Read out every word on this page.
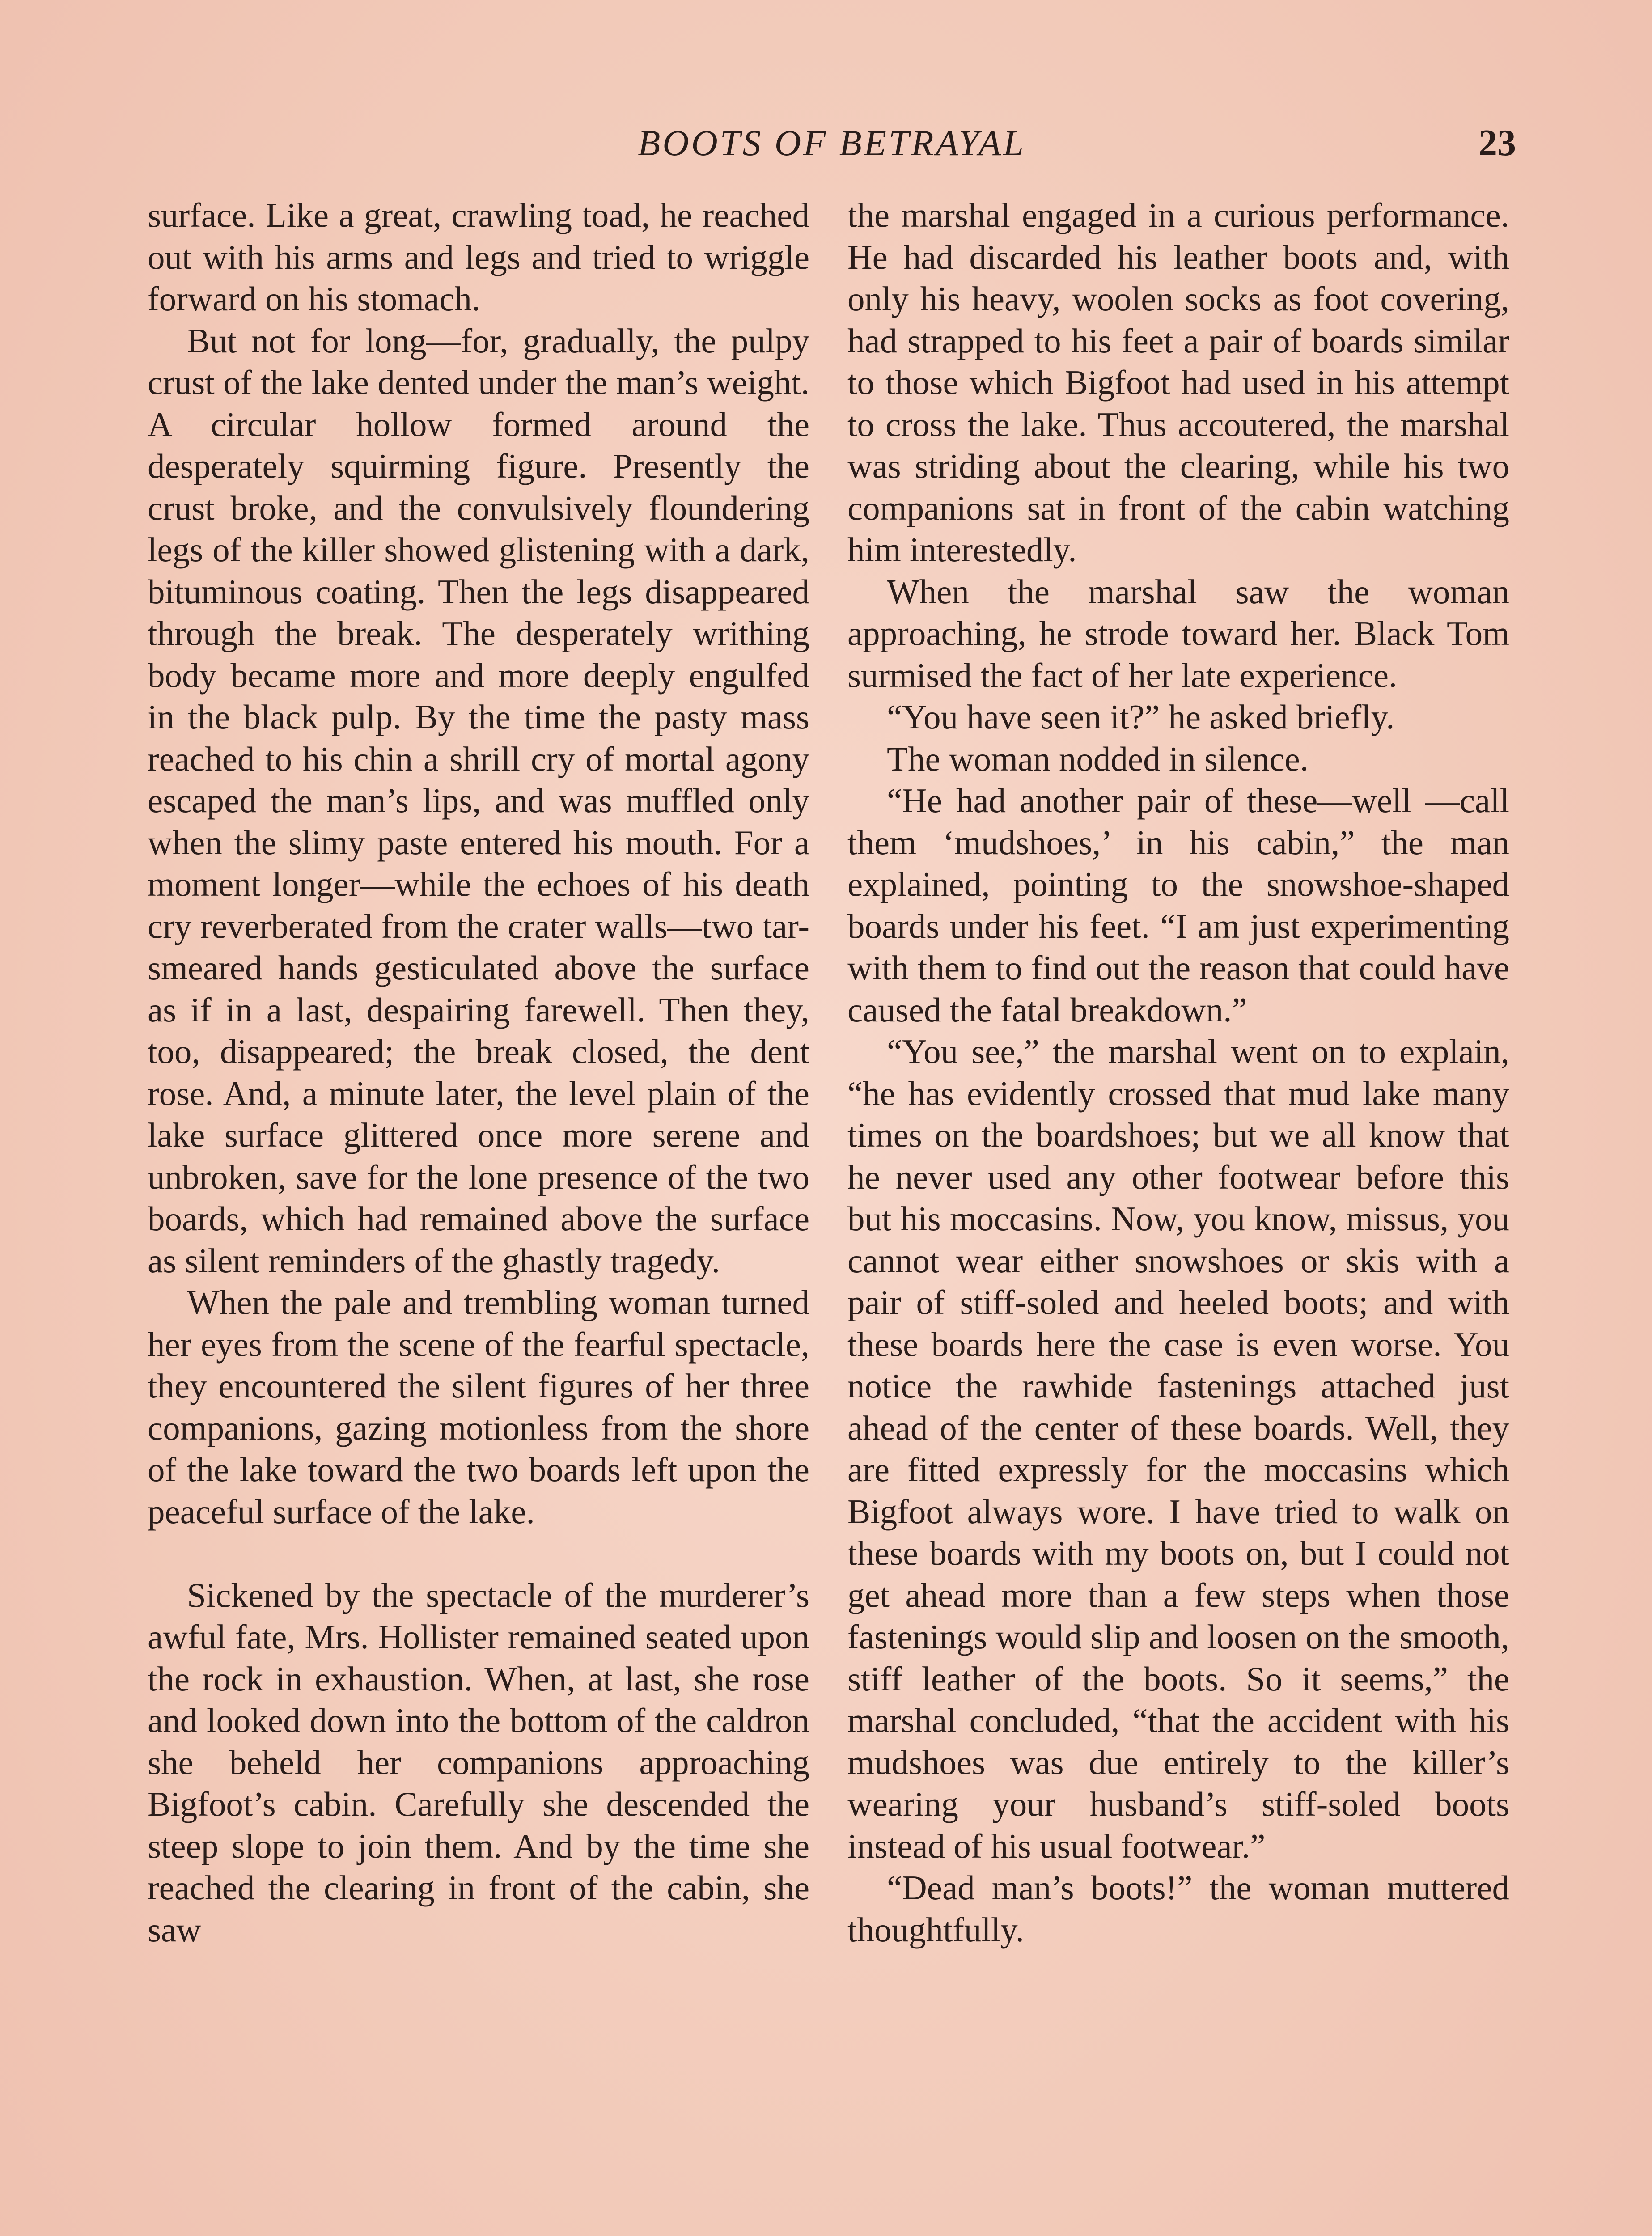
BOOTS OF BETRAYAL	23

surface. Like a great, crawling toad, he reached out with his arms and legs and tried to wriggle forward on his stomach.

But not for long—for, gradually, the pulpy crust of the lake dented under the man’s weight. A circular hollow formed around the desperately squirming figure. Presently the crust broke, and the convulsively floundering legs of the killer showed glistening with a dark, bituminous coating. Then the legs disappeared through the break. The desperately writhing body became more and more deeply engulfed in the black pulp. By the time the pasty mass reached to his chin a shrill cry of mortal agony escaped the man’s lips, and was muffled only when the slimy paste entered his mouth. For a moment longer—while the echoes of his death cry reverberated from the crater walls—two tar-smeared hands gesticulated above the surface as if in a last, despairing farewell. Then they, too, disappeared; the break closed, the dent rose. And, a minute later, the level plain of the lake surface glittered once more serene and unbroken, save for the lone presence of the two boards, which had remained above the surface as silent reminders of the ghastly tragedy.

When the pale and trembling woman turned her eyes from the scene of the fearful spectacle, they encountered the silent figures of her three companions, gazing motionless from the shore of the lake toward the two boards left upon the peaceful surface of the lake.

Sickened by the spectacle of the murderer’s awful fate, Mrs. Hollister remained seated upon the rock in exhaustion. When, at last, she rose and looked down into the bottom of the caldron she beheld her companions approaching Bigfoot’s cabin. Carefully she descended the steep slope to join them. And by the time she reached the clearing in front of the cabin, she saw

the marshal engaged in a curious performance. He had discarded his leather boots and, with only his heavy, woolen socks as foot covering, had strapped to his feet a pair of boards similar to those which Bigfoot had used in his attempt to cross the lake. Thus accoutered, the marshal was striding about the clearing, while his two companions sat in front of the cabin watching him interestedly.

When the marshal saw the woman approaching, he strode toward her. Black Tom surmised the fact of her late experience.

“You have seen it?” he asked briefly.

The woman nodded in silence.

“He had another pair of these—well —call them ‘mudshoes,’ in his cabin,” the man explained, pointing to the snowshoe-shaped boards under his feet. “I am just experimenting with them to find out the reason that could have caused the fatal breakdown.”

“You see,” the marshal went on to explain, “he has evidently crossed that mud lake many times on the boardshoes; but we all know that he never used any other footwear before this but his moccasins. Now, you know, missus, you cannot wear either snowshoes or skis with a pair of stiff-soled and heeled boots; and with these boards here the case is even worse. You notice the rawhide fastenings attached just ahead of the center of these boards. Well, they are fitted expressly for the moccasins which Bigfoot always wore. I have tried to walk on these boards with my boots on, but I could not get ahead more than a few steps when those fastenings would slip and loosen on the smooth, stiff leather of the boots. So it seems,” the marshal concluded, “that the accident with his mudshoes was due entirely to the killer’s wearing your husband’s stiff-soled boots instead of his usual footwear.”

“Dead man’s boots!” the woman muttered thoughtfully.
